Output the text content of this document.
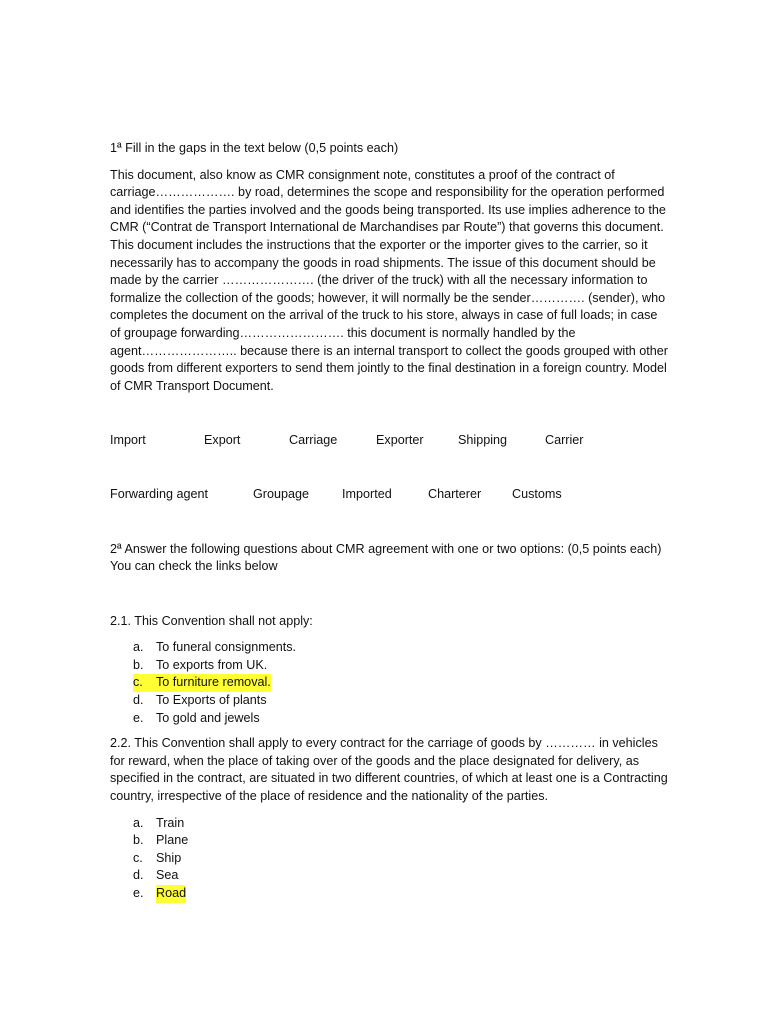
1ª Fill in the gaps in the text below (0,5 points each)

This document, also know as CMR consignment note, constitutes a proof of the contract of carriage………………. by road, determines the scope and responsibility for the operation performed and identifies the parties involved and the goods being transported. Its use implies adherence to the CMR (“Contrat de Transport International de Marchandises par Route”) that governs this document. This document includes the instructions that the exporter or the importer gives to the carrier, so it necessarily has to accompany the goods in road shipments. The issue of this document should be made by the carrier …………………. (the driver of the truck) with all the necessary information to formalize the collection of the goods; however, it will normally be the sender…………. (sender), who completes the document on the arrival of the truck to his store, always in case of full loads; in case of groupage forwarding……………………. this document is normally handled by the agent………………….. because there is an internal transport to collect the goods grouped with other goods from different exporters to send them jointly to the final destination in a foreign country. Model of CMR Transport Document.

Import	Export	Carriage	Exporter	Shipping	Carrier
Forwarding agent	Groupage	Imported	Charterer	Customs

2ª Answer the following questions about CMR agreement with one or two options: (0,5 points each) You can check the links below

2.1. This Convention shall not apply:

a. To funeral consignments.
b. To exports from UK.
c.	To furniture removal.
d. To Exports of plants
e. To gold and jewels

2.2. This Convention shall apply to every contract for the carriage of goods by ………… in vehicles for reward, when the place of taking over of the goods and the place designated for delivery, as specified in the contract, are situated in two different countries, of which at least one is a Contracting country, irrespective of the place of residence and the nationality of the parties.

a. Train
b. Plane
c.	Ship
d. Sea
e. Road
